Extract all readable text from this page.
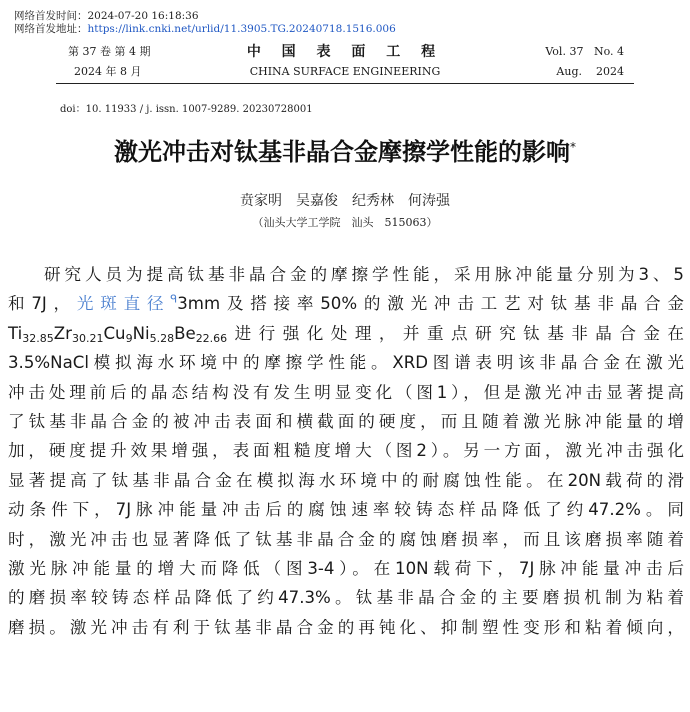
网络首发时间：2024-07-20 16:18:36
网络首发地址：https://link.cnki.net/urlid/11.3905.TG.20240718.1516.006
第 37 卷 第 4 期
2024 年 8 月
中 国 表 面 工 程
CHINA SURFACE ENGINEERING
Vol. 37 No. 4
Aug. 2024
doi：10. 11933 / j. issn. 1007-9289. 20230728001
激光冲击对钛基非晶合金摩擦学性能的影响*
贲家明　吴嘉俊　纪秀林　何涛强
（汕头大学工学院　汕头　515063）
研究人员为提高钛基非晶合金的摩擦学性能，采用脉冲能量分别为3、5
和7J，光斑直径$^ᑫ$3mm及搭接率50%的激光冲击工艺对钛基非晶合金
$Ti_{32.85}Zr_{30.21}Cu_9Ni_{5.28}Be_{22.66}$进行强化处理，并重点研究钛基非晶合金在
3.5%NaCl模拟海水环境中的摩擦学性能。XRD图谱表明该非晶合金在激光
冲击处理前后的晶态结构没有发生明显变化（图1），但是激光冲击显著提高
了钛基非晶合金的被冲击表面和横截面的硬度，而且随着激光脉冲能量的增
加，硬度提升效果增强，表面粗糙度增大（图2）。另一方面，激光冲击强化
显著提高了钛基非晶合金在模拟海水环境中的耐腐蚀性能。在20N载荷的滑
动条件下，7J脉冲能量冲击后的腐蚀速率较铸态样品降低了约47.2%。同
时，激光冲击也显著降低了钛基非晶合金的腐蚀磨损率，而且该磨损率随着
激光脉冲能量的增大而降低（图3-4）。在10N载荷下，7J脉冲能量冲击后
的磨损率较铸态样品降低了约47.3%。钛基非晶合金的主要磨损机制为粘着
磨损。激光冲击有利于钛基非晶合金的再钝化、抑制塑性变形和粘着倾向，
